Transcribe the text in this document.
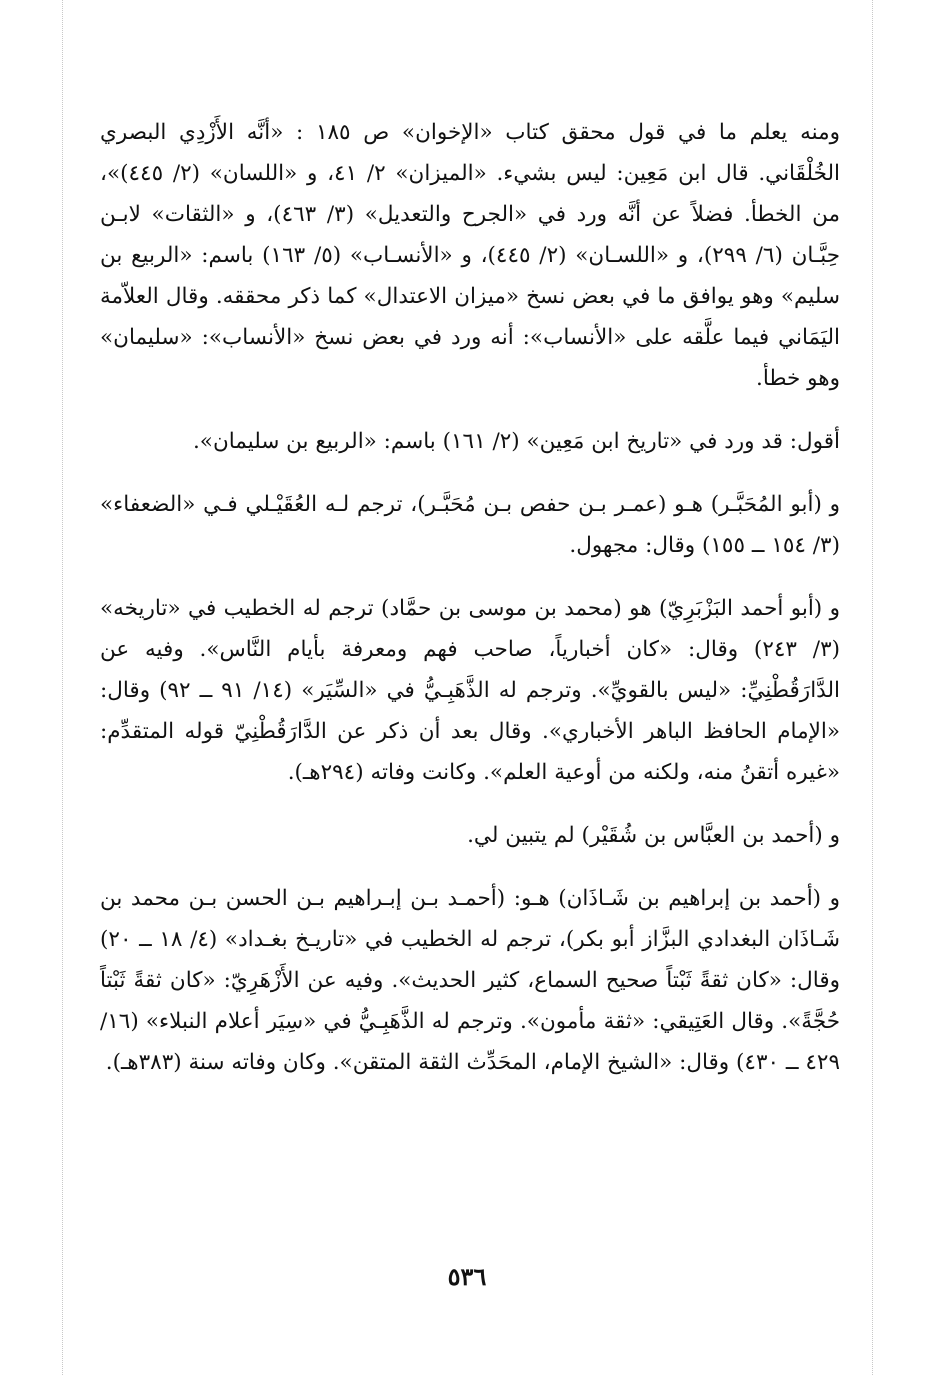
ومنه يعلم ما في قول محقق كتاب «الإخوان» ص ١٨٥ : «أنَّه الأَزْدِي البصري الخُلْقَاني. قال ابن مَعِين: ليس بشيء. «الميزان» ٢/ ٤١، و «اللسان» (٢/ ٤٤٥)»، من الخطأ. فضلاً عن أنَّه ورد في «الجرح والتعديل» (٣/ ٤٦٣)، و «الثقات» لابـن حِبَّـان (٦/ ٢٩٩)، و «اللسـان» (٢/ ٤٤٥)، و «الأنسـاب» (٥/ ١٦٣) باسم: «الربيع بن سليم» وهو يوافق ما في بعض نسخ «ميزان الاعتدال» كما ذكر محققه. وقال العلاّمة اليَمَاني فيما علَّقه على «الأنساب»: أنه ورد في بعض نسخ «الأنساب»: «سليمان» وهو خطأ.

أقول: قد ورد في «تاريخ ابن مَعِين» (٢/ ١٦١) باسم: «الربيع بن سليمان».

و (أبو المُحَبَّـر) هـو (عمـر بـن حفص بـن مُحَبَّـر)، ترجم لـه العُقَيْـلي فـي «الضعفاء» (٣/ ١٥٤ ــ ١٥٥) وقال: مجهول.

و (أبو أحمد البَزْبَرِيّ) هو (محمد بن موسى بن حمَّاد) ترجم له الخطيب في «تاريخه» (٣/ ٢٤٣) وقال: «كان أخبارياً، صاحب فهم ومعرفة بأيام النَّاس». وفيه عن الدَّارَقُطْنِيِّ: «ليس بالقويِّ». وترجم له الذَّهَبِـيُّ في «السِّيَر» (١٤/ ٩١ ــ ٩٢) وقال: «الإمام الحافظ الباهر الأخباري». وقال بعد أن ذكر عن الدَّارَقُطْنِيّ قوله المتقدِّم: «غيره أتقنُ منه، ولكنه من أوعية العلم». وكانت وفاته (٢٩٤هـ).

و (أحمد بن العبَّاس بن شُقَيْر) لم يتبين لي.

و (أحمد بن إبراهيم بن شَـاذَان) هـو: (أحمـد بـن إبـراهيم بـن الحسن بـن محمد بن شَـاذَان البغدادي البزَّاز أبو بكر)، ترجم له الخطيب في «تاريـخ بغـداد» (٤/ ١٨ ــ ٢٠) وقال: «كان ثقةً ثَبْتاً صحيح السماع، كثير الحديث». وفيه عن الأَزْهَرِيّ: «كان ثقةً ثَبْتاً حُجَّةً». وقال العَتِيقي: «ثقة مأمون». وترجم له الذَّهَبِـيُّ في «سِيَر أعلام النبلاء» (١٦/ ٤٢٩ ــ ٤٣٠) وقال: «الشيخ الإمام، المحَدِّث الثقة المتقن». وكان وفاته سنة (٣٨٣هـ).

٥٣٦
